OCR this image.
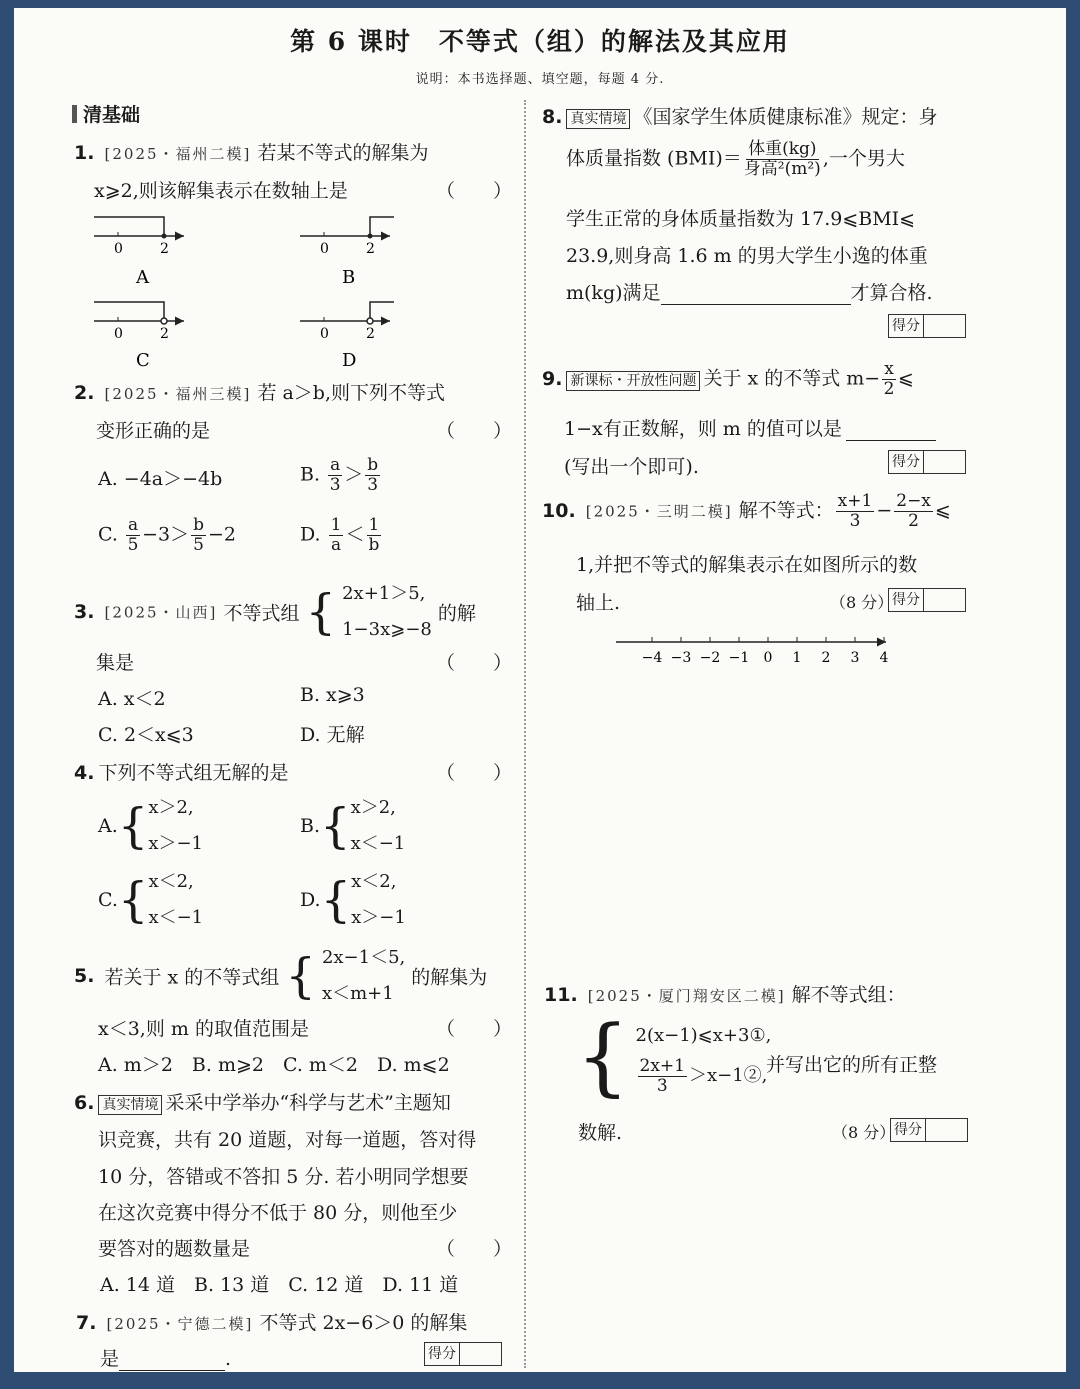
第 6 课时　不等式（组）的解法及其应用
说明：本书选择题、填空题，每题 4 分.
清基础
1. [2025・福州二模] 若某不等式的解集为
x⩾2,则该解集表示在数轴上是	（　　）
0	2
A
0	2
B
0	2
C
0	2
D
2. [2025・福州三模] 若 a＞b,则下列不等式
变形正确的是	（　　）
A. −4a＞−4b	B. $\frac{a}{3} > \frac{b}{3}$
C. $\frac{a}{5} -3> \frac{b}{5} -2$	D. $\frac{1}{a} < \frac{1}{b}$
3. [2025・山西] 不等式组 { 2x+1＞5,
1−3x⩾−8
的解
集是	（　　）
A. x＜2	B. x⩾3
C. 2＜x⩽3	D. 无解
4. 下列不等式组无解的是	（　　）
A.{ x＞2,
x＞−1
B.{ x＞2,
x＜−1
C.{ x＜2,
x＜−1
D.{ x＜2,
x＞−1
5. 若关于 x 的不等式组 { 2x−1＜5,
x＜m+1
的解集为
x＜3,则 m 的取值范围是	（　　）
A. m＞2　B. m⩾2　C. m＜2　D. m⩽2
6. 真实情境 采采中学举办“科学与艺术”主题知
识竞赛，共有 20 道题，对每一道题，答对得
10 分，答错或不答扣 5 分. 若小明同学想要
在这次竞赛中得分不低于 80 分，则他至少
要答对的题数量是	（　　）
A. 14 道　B. 13 道　C. 12 道　D. 11 道
7. [2025・宁德二模] 不等式 2x−6＞0 的解集
是	.	得分
8. 真实情境 《国家学生体质健康标准》规定：身
体质量指数 $(BMI)= \frac{\text{体重(kg)}}{\text{身高²(m²)}}$ ,一个男大
学生正常的身体质量指数为 17.9⩽BMI⩽
23.9,则身高 1.6 m 的男大学生小逸的体重
m(kg)满足	才算合格.
得分
9. 新课标・开放性问题 关于 x 的不等式 $m- \frac{x}{2}$ ⩽
1−x有正数解，则 m 的值可以是
(写出一个即可).	得分
10. [2025・三明二模] 解不等式： $\frac{x+1}{3} - \frac{2-x}{2}$ ⩽
1,并把不等式的解集表示在如图所示的数
轴上.	（8 分）
得分
−4 −3 −2 −1 0 1 2 3 4
11. [2025・厦门翔安区二模] 解不等式组：
{ 2(x−1)⩽x+3①,
$\frac{2x+1}{3}$ ＞x−1②,
并写出它的所有正整
数解.	（8 分）
得分
